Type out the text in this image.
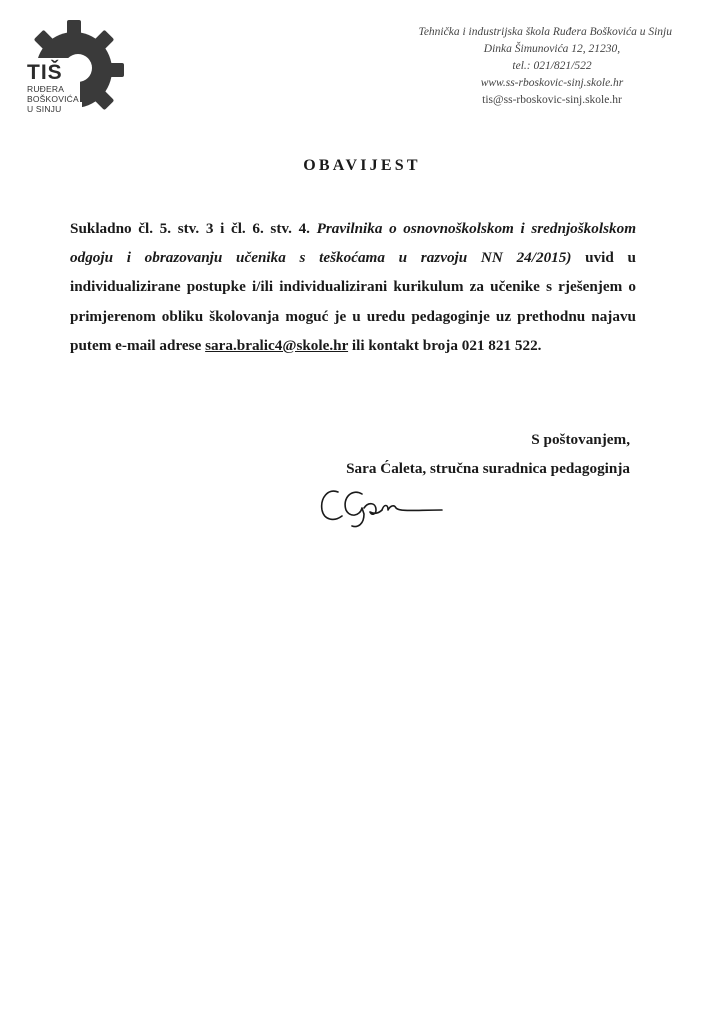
TIŠ
RUĐERA
BOŠKOVIĆA
U SINJU
Tehnička i industrijska škola Ruđera Boškovića u Sinju
Dinka Šimunovića 12, 21230,
tel.: 021/821/522
www.ss-rboskovic-sinj.skole.hr
tis@ss-rboskovic-sinj.skole.hr
OBAVIJEST
Sukladno čl. 5. stv. 3 i čl. 6. stv. 4. Pravilnika o osnovnoškolskom i srednjoškolskom odgoju i obrazovanju učenika s teškoćama u razvoju NN 24/2015) uvid u individualizirane postupke i/ili individualizirani kurikulum za učenike s rješenjem o primjerenom obliku školovanja moguć je u uredu pedagoginje uz prethodnu najavu putem e-mail adrese sara.bralic4@skole.hr ili kontakt broja 021 821 522.
S poštovanjem,
Sara Ćaleta, stručna suradnica pedagoginja
